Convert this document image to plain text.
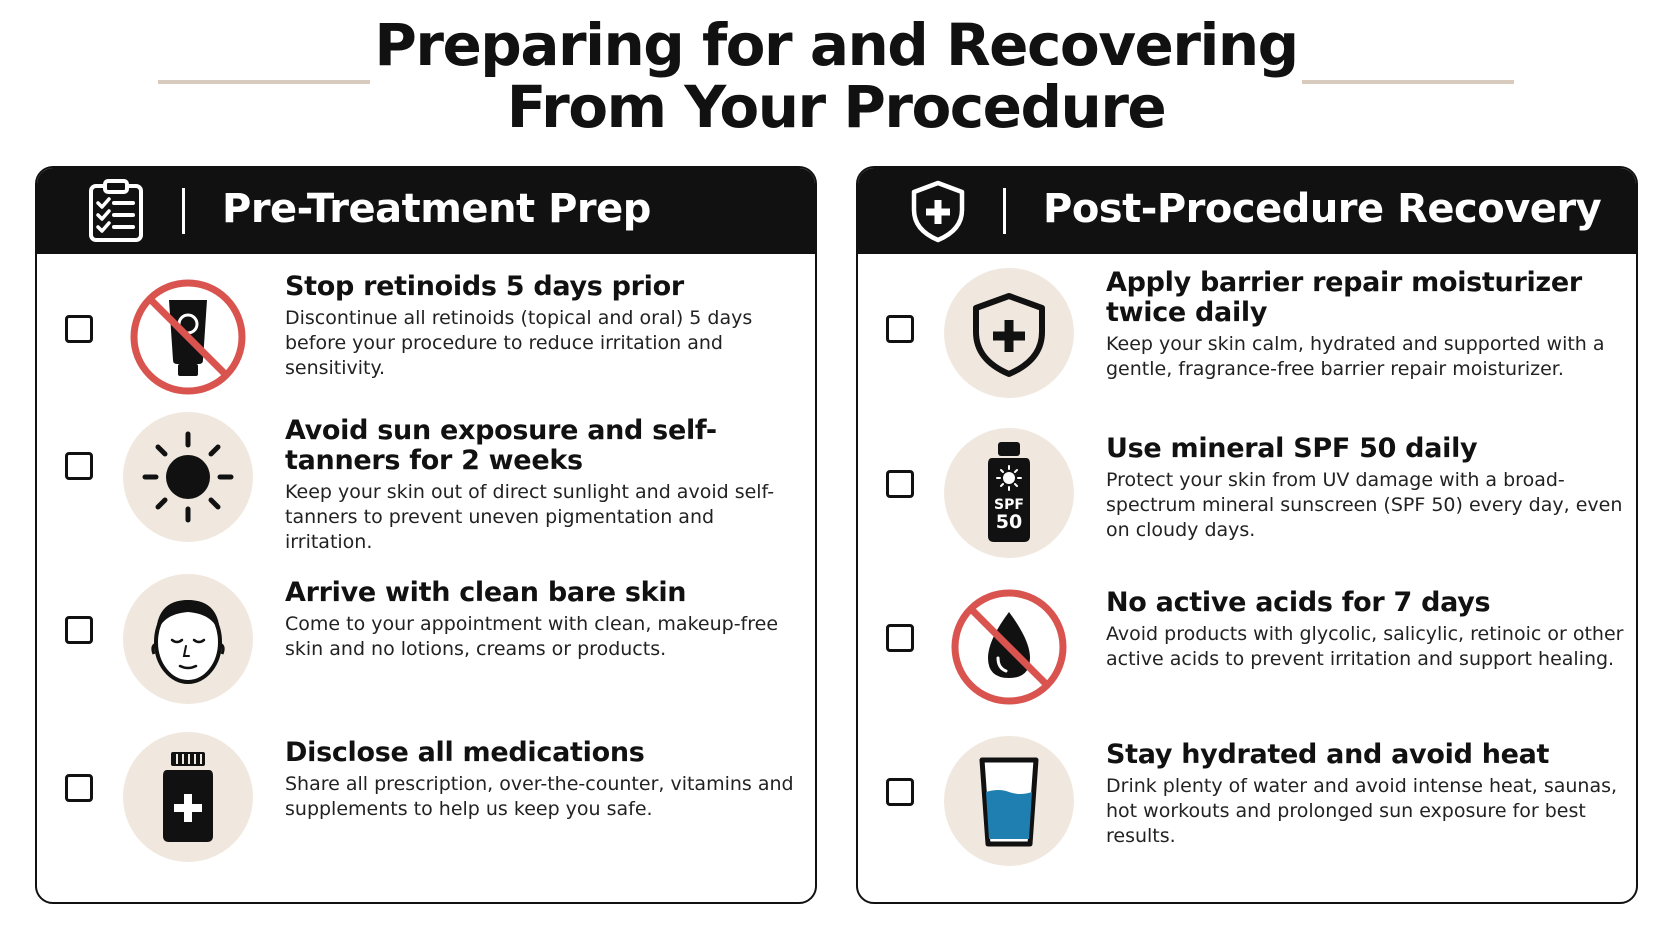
Preparing for and Recovering
From Your Procedure
Pre-Treatment Prep
Stop retinoids 5 days prior
Discontinue all retinoids (topical and oral) 5 days before your procedure to reduce irritation and sensitivity.
Avoid sun exposure and self-tanners for 2 weeks
Keep your skin out of direct sunlight and avoid self-tanners to prevent uneven pigmentation and irritation.
Arrive with clean bare skin
Come to your appointment with clean, makeup-free skin and no lotions, creams or products.
Disclose all medications
Share all prescription, over-the-counter, vitamins and supplements to help us keep you safe.
Post-Procedure Recovery
Apply barrier repair moisturizer twice daily
Keep your skin calm, hydrated and supported with a gentle, fragrance-free barrier repair moisturizer.
SPF
50
Use mineral SPF 50 daily
Protect your skin from UV damage with a broad-spectrum mineral sunscreen (SPF 50) every day, even on cloudy days.
No active acids for 7 days
Avoid products with glycolic, salicylic, retinoic or other active acids to prevent irritation and support healing.
Stay hydrated and avoid heat
Drink plenty of water and avoid intense heat, saunas, hot workouts and prolonged sun exposure for best results.
